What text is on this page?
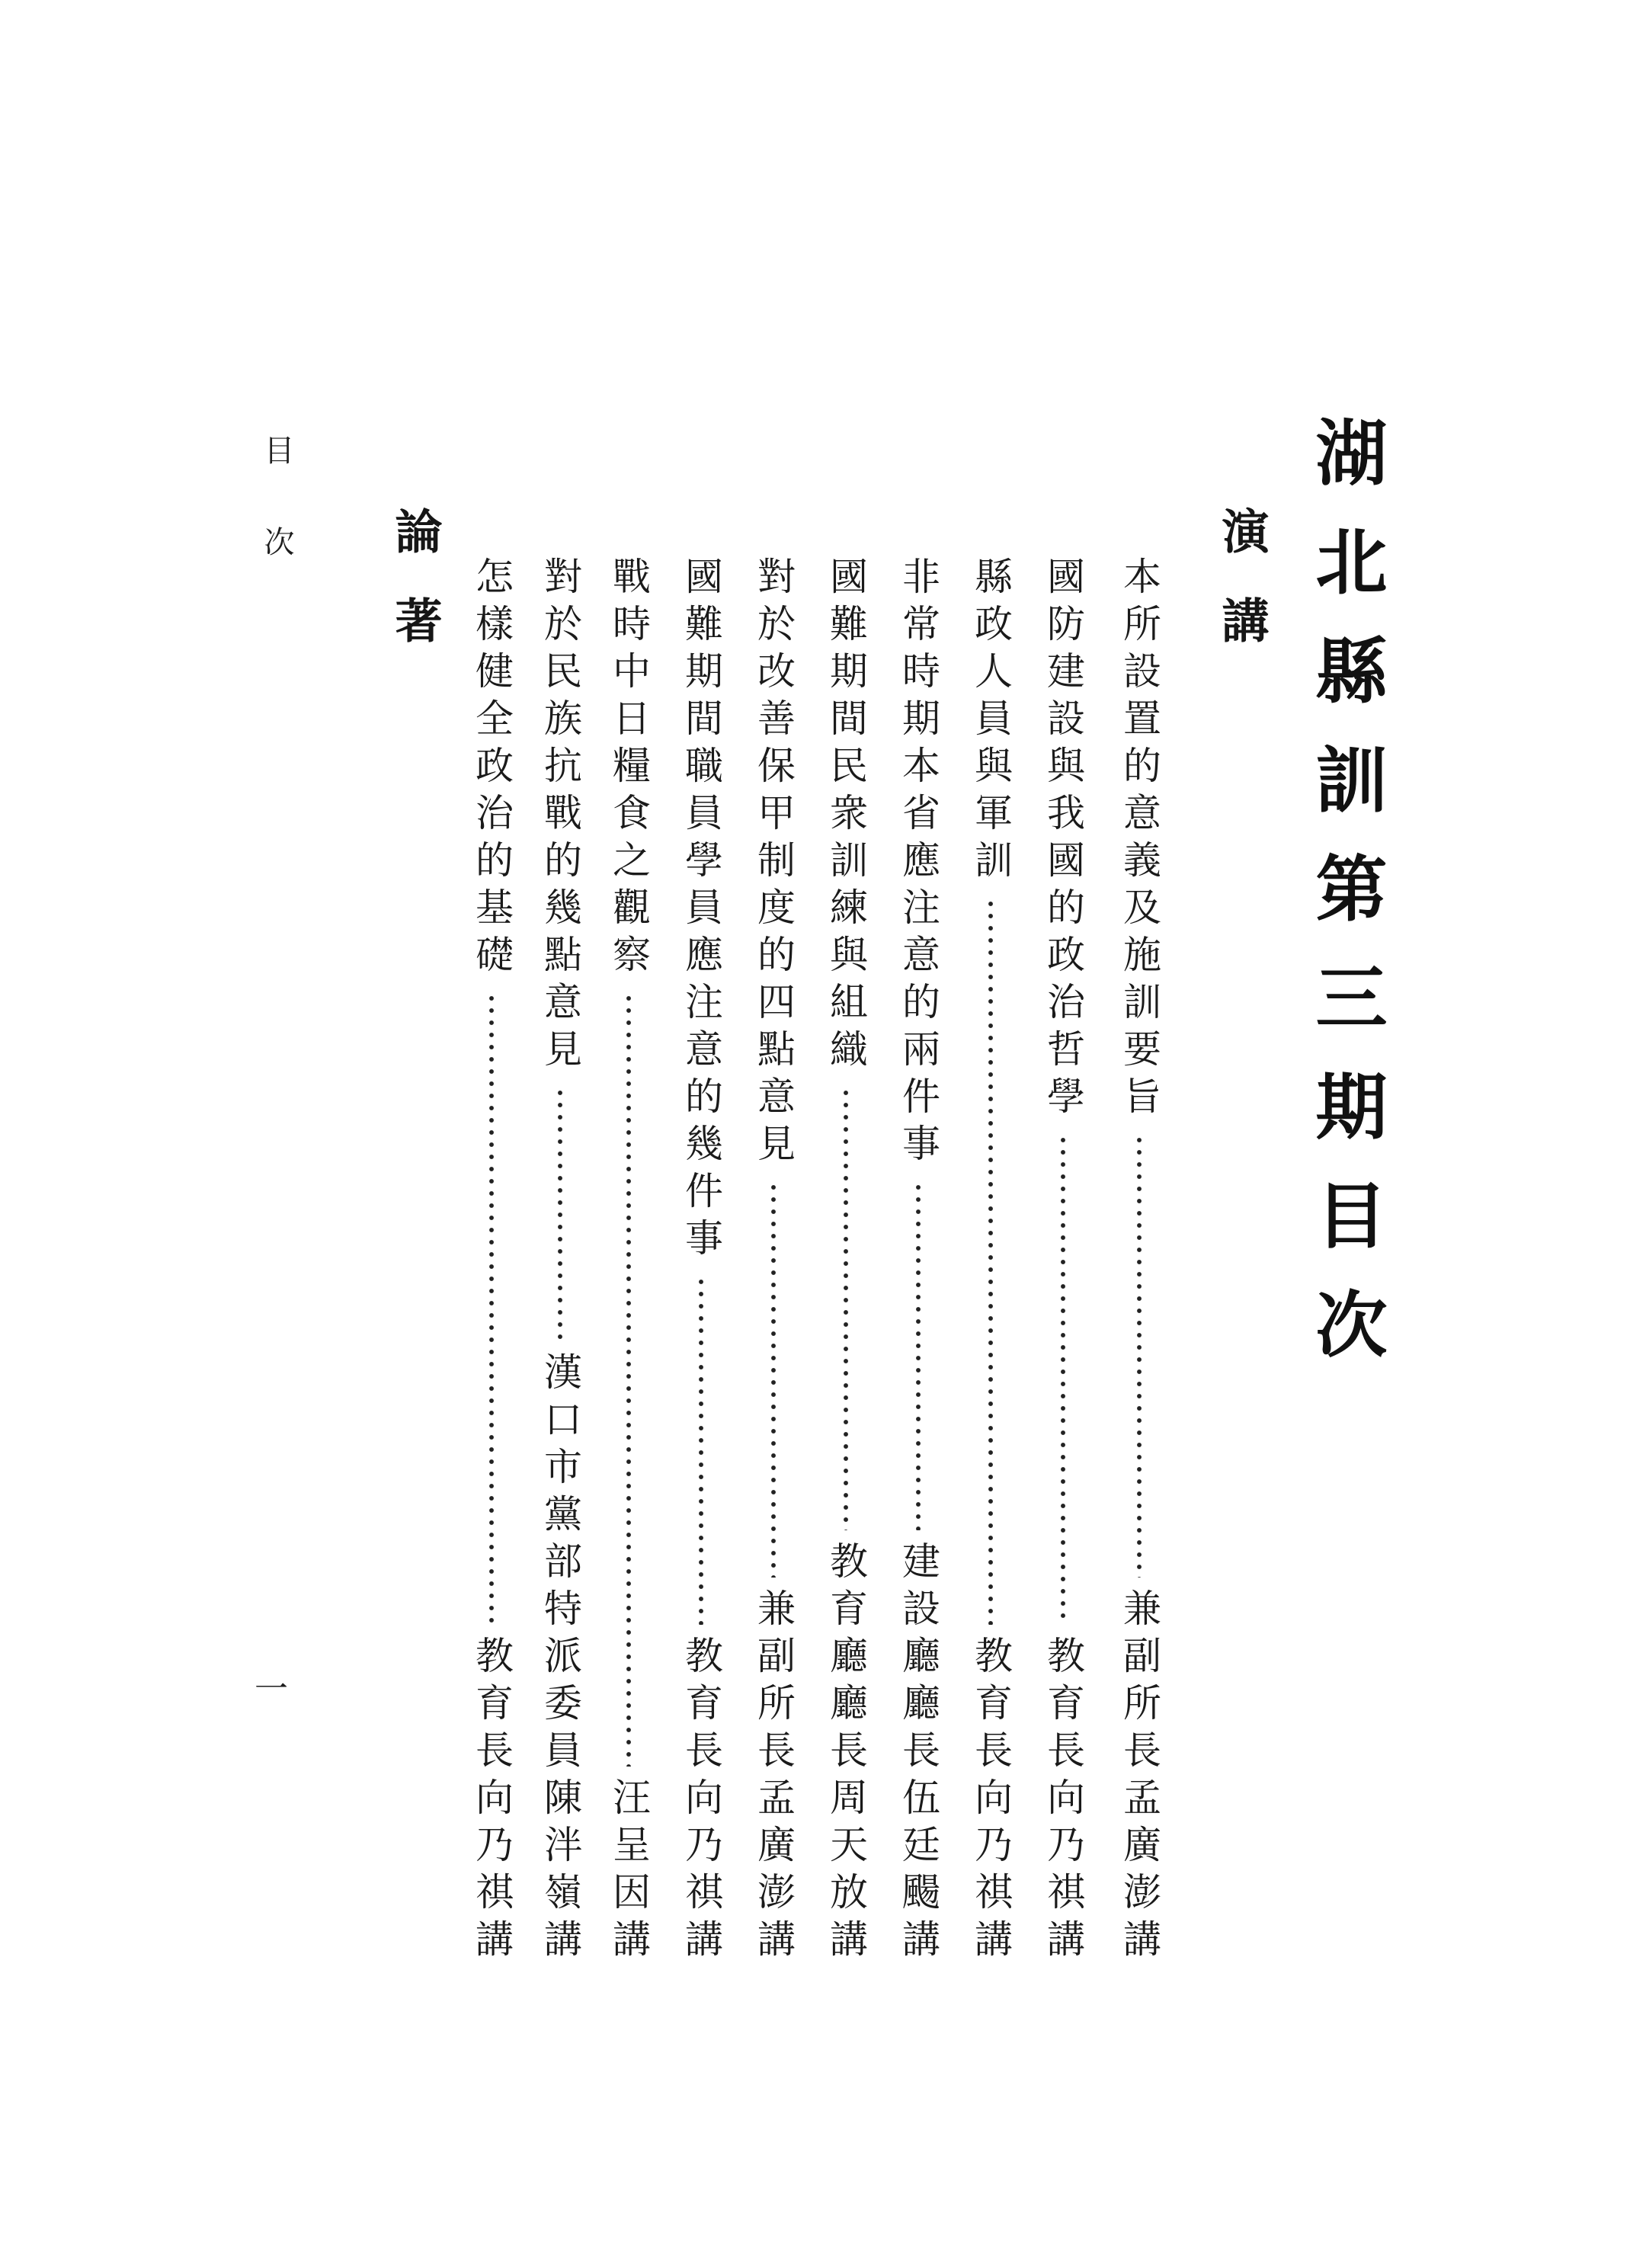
湖北縣訓第三期目次
演講
本所設置的意義及施訓要旨
兼副所長孟廣澎講
國防建設與我國的政治哲學
教育長向乃祺講
縣政人員與軍訓
教育長向乃祺講
非常時期本省應注意的兩件事
建設廳廳長伍廷颺講
國難期間民衆訓練與組織
教育廳廳長周天放講
對於改善保甲制度的四點意見
兼副所長孟廣澎講
國難期間職員學員應注意的幾件事
教育長向乃祺講
戰時中日糧食之觀察
汪呈因講
對於民族抗戰的幾點意見
漢口市黨部特派委員陳泮嶺講
怎樣健全政治的基礎
教育長向乃祺講
論著
目次
一
